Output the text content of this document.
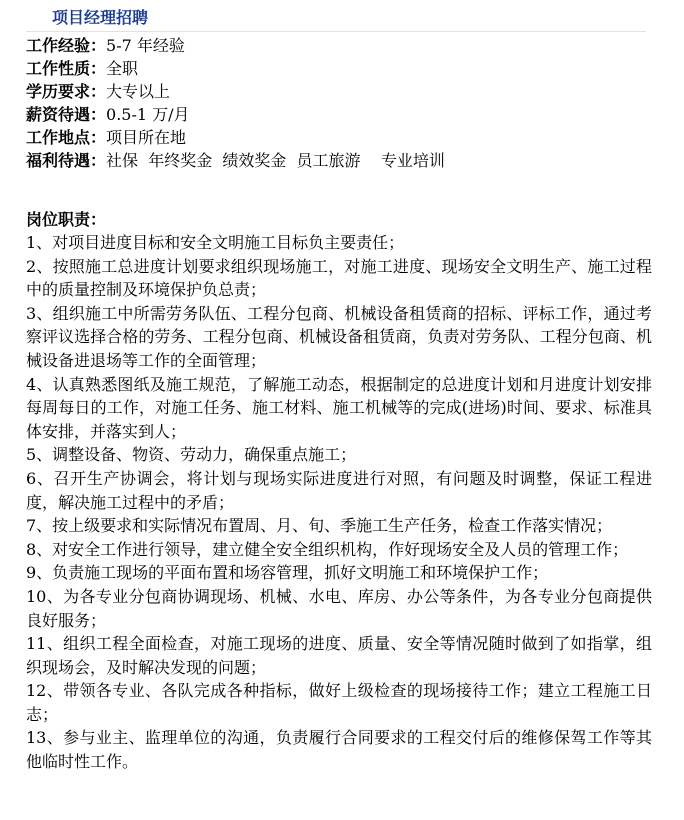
项目经理招聘
工作经验：5-7 年经验
工作性质：全职
学历要求：大专以上
薪资待遇：0.5-1 万/月
工作地点：项目所在地
福利待遇：社保  年终奖金  绩效奖金  员工旅游    专业培训
岗位职责：
1、对项目进度目标和安全文明施工目标负主要责任；
2、按照施工总进度计划要求组织现场施工，对施工进度、现场安全文明生产、施工过程中的质量控制及环境保护负总责；
3、组织施工中所需劳务队伍、工程分包商、机械设备租赁商的招标、评标工作，通过考察评议选择合格的劳务、工程分包商、机械设备租赁商，负责对劳务队、工程分包商、机械设备进退场等工作的全面管理；
4、认真熟悉图纸及施工规范，了解施工动态，根据制定的总进度计划和月进度计划安排每周每日的工作，对施工任务、施工材料、施工机械等的完成(进场)时间、要求、标准具体安排，并落实到人；
5、调整设备、物资、劳动力，确保重点施工；
6、召开生产协调会，将计划与现场实际进度进行对照，有问题及时调整，保证工程进度，解决施工过程中的矛盾；
7、按上级要求和实际情况布置周、月、旬、季施工生产任务，检查工作落实情况；
8、对安全工作进行领导，建立健全安全组织机构，作好现场安全及人员的管理工作；
9、负责施工现场的平面布置和场容管理，抓好文明施工和环境保护工作；
10、为各专业分包商协调现场、机械、水电、库房、办公等条件，为各专业分包商提供良好服务；
11、组织工程全面检查，对施工现场的进度、质量、安全等情况随时做到了如指掌，组织现场会，及时解决发现的问题；
12、带领各专业、各队完成各种指标，做好上级检查的现场接待工作；建立工程施工日志；
13、参与业主、监理单位的沟通，负责履行合同要求的工程交付后的维修保驾工作等其他临时性工作。
